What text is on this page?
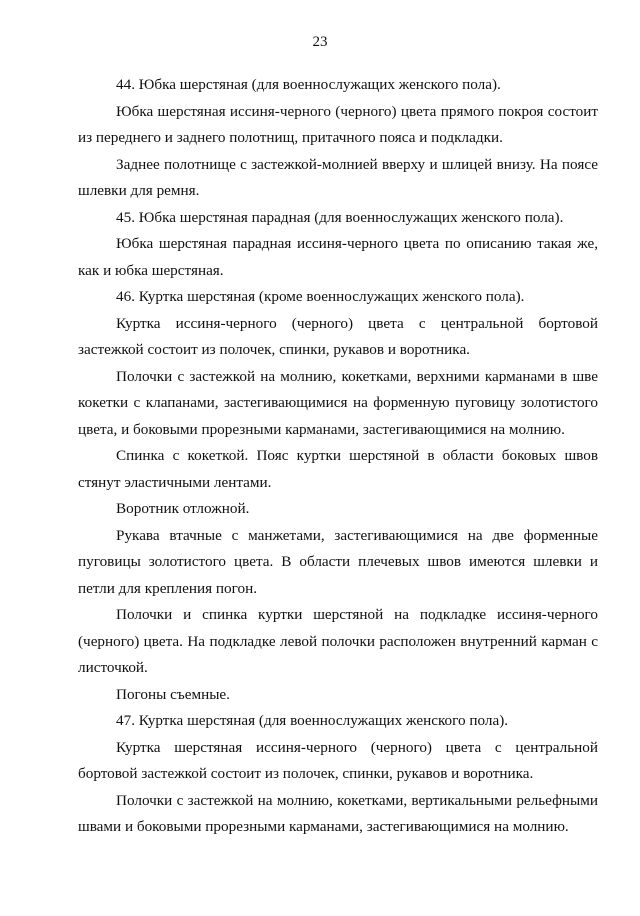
23

44. Юбка шерстяная (для военнослужащих женского пола).

Юбка шерстяная иссиня-черного (черного) цвета прямого покроя состоит из переднего и заднего полотнищ, притачного пояса и подкладки.

Заднее полотнище с застежкой-молнией вверху и шлицей внизу. На поясе шлевки для ремня.

45. Юбка шерстяная парадная (для военнослужащих женского пола).

Юбка шерстяная парадная иссиня-черного цвета по описанию такая же, как и юбка шерстяная.

46. Куртка шерстяная (кроме военнослужащих женского пола).

Куртка иссиня-черного (черного) цвета с центральной бортовой застежкой состоит из полочек, спинки, рукавов и воротника.

Полочки с застежкой на молнию, кокетками, верхними карманами в шве кокетки с клапанами, застегивающимися на форменную пуговицу золотистого цвета, и боковыми прорезными карманами, застегивающимися на молнию.

Спинка с кокеткой. Пояс куртки шерстяной в области боковых швов стянут эластичными лентами.

Воротник отложной.

Рукава втачные с манжетами, застегивающимися на две форменные пуговицы золотистого цвета. В области плечевых швов имеются шлевки и петли для крепления погон.

Полочки и спинка куртки шерстяной на подкладке иссиня-черного (черного) цвета. На подкладке левой полочки расположен внутренний карман с листочкой.

Погоны съемные.

47. Куртка шерстяная (для военнослужащих женского пола).

Куртка шерстяная иссиня-черного (черного) цвета с центральной бортовой застежкой состоит из полочек, спинки, рукавов и воротника.

Полочки с застежкой на молнию, кокетками, вертикальными рельефными швами и боковыми прорезными карманами, застегивающимися на молнию.
